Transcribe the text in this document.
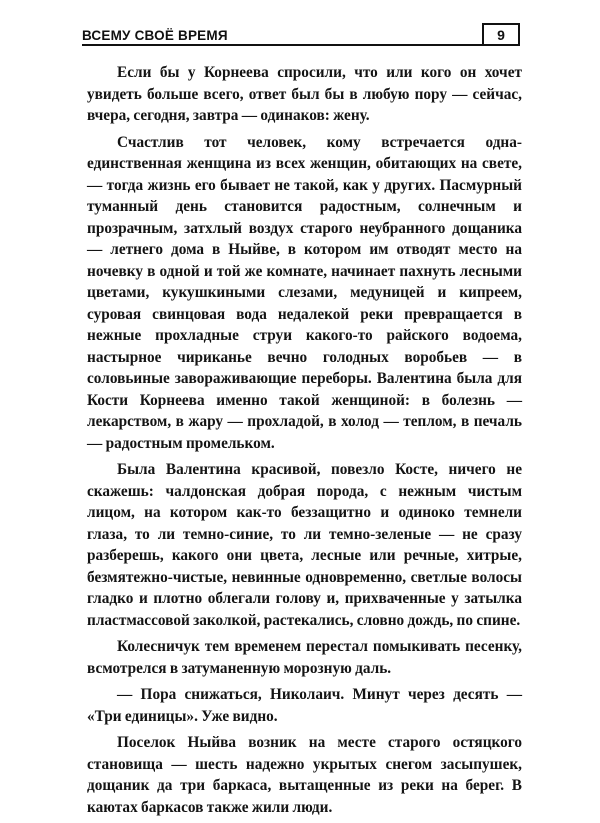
ВСЕМУ СВОЁ ВРЕМЯ	9

Если бы у Корнеева спросили, что или кого он хочет увидеть больше всего, ответ был бы в любую пору — сейчас, вчера, сегодня, завтра — одинаков: жену.

Счастлив тот человек, кому встречается одна-единственная женщина из всех женщин, обитающих на свете, — тогда жизнь его бывает не такой, как у других. Пасмурный туманный день становится радостным, солнечным и прозрачным, затхлый воздух старого неубранного дощаника — летнего дома в Ныйве, в котором им отводят место на ночевку в одной и той же комнате, начинает пахнуть лесными цветами, кукушкиными слезами, медуницей и кипреем, суровая свинцовая вода недалекой реки превращается в нежные прохладные струи какого-то райского водоема, настырное чириканье вечно голодных воробьев — в соловьиные завораживающие переборы. Валентина была для Кости Корнеева именно такой женщиной: в болезнь — лекарством, в жару — прохладой, в холод — теплом, в печаль — радостным промельком.

Была Валентина красивой, повезло Косте, ничего не скажешь: чалдонская добрая порода, с нежным чистым лицом, на котором как-то беззащитно и одиноко темнели глаза, то ли темно-синие, то ли темно-зеленые — не сразу разберешь, какого они цвета, лесные или речные, хитрые, безмятежно-чистые, невинные одновременно, светлые волосы гладко и плотно облегали голову и, прихваченные у затылка пластмассовой заколкой, растекались, словно дождь, по спине.

Колесничук тем временем перестал помыкивать песенку, всмотрелся в затуманенную морозную даль.

— Пора снижаться, Николаич. Минут через десять — «Три единицы». Уже видно.

Поселок Ныйва возник на месте старого остяцкого становища — шесть надежно укрытых снегом засыпушек, дощаник да три баркаса, вытащенные из реки на берег. В каютах баркасов также жили люди.
